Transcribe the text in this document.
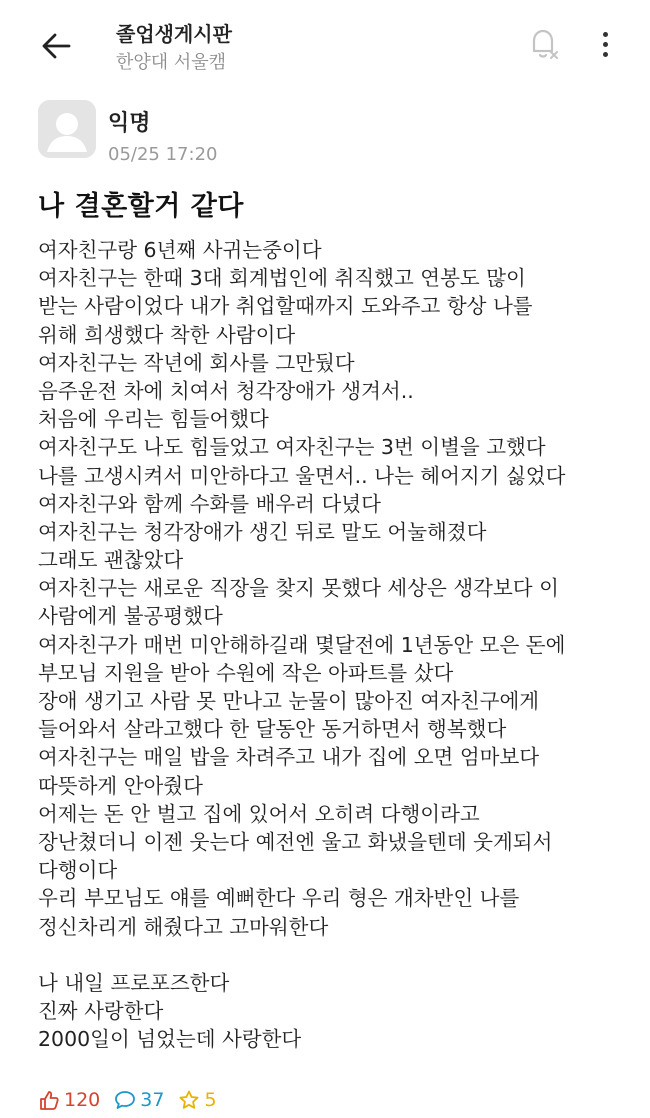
졸업생게시판
한양대 서울캠
익명
05/25 17:20
나 결혼할거 같다
여자친구랑 6년째 사귀는중이다
여자친구는 한때 3대 회계법인에 취직했고 연봉도 많이
받는 사람이었다 내가 취업할때까지 도와주고 항상 나를
위해 희생했다 착한 사람이다
여자친구는 작년에 회사를 그만뒀다
음주운전 차에 치여서 청각장애가 생겨서..
처음에 우리는 힘들어했다
여자친구도 나도 힘들었고 여자친구는 3번 이별을 고했다
나를 고생시켜서 미안하다고 울면서.. 나는 헤어지기 싫었다
여자친구와 함께 수화를 배우러 다녔다
여자친구는 청각장애가 생긴 뒤로 말도 어눌해졌다
그래도 괜찮았다
여자친구는 새로운 직장을 찾지 못했다 세상은 생각보다 이
사람에게 불공평했다
여자친구가 매번 미안해하길래 몇달전에 1년동안 모은 돈에
부모님 지원을 받아 수원에 작은 아파트를 샀다
장애 생기고 사람 못 만나고 눈물이 많아진 여자친구에게
들어와서 살라고했다 한 달동안 동거하면서 행복했다
여자친구는 매일 밥을 차려주고 내가 집에 오면 엄마보다
따뜻하게 안아줬다
어제는 돈 안 벌고 집에 있어서 오히려 다행이라고
장난쳤더니 이젠 웃는다 예전엔 울고 화냈을텐데 웃게되서
다행이다
우리 부모님도 얘를 예뻐한다 우리 형은 개차반인 나를
정신차리게 해줬다고 고마워한다
나 내일 프로포즈한다
진짜 사랑한다
2000일이 넘었는데 사랑한다
120 37 5
